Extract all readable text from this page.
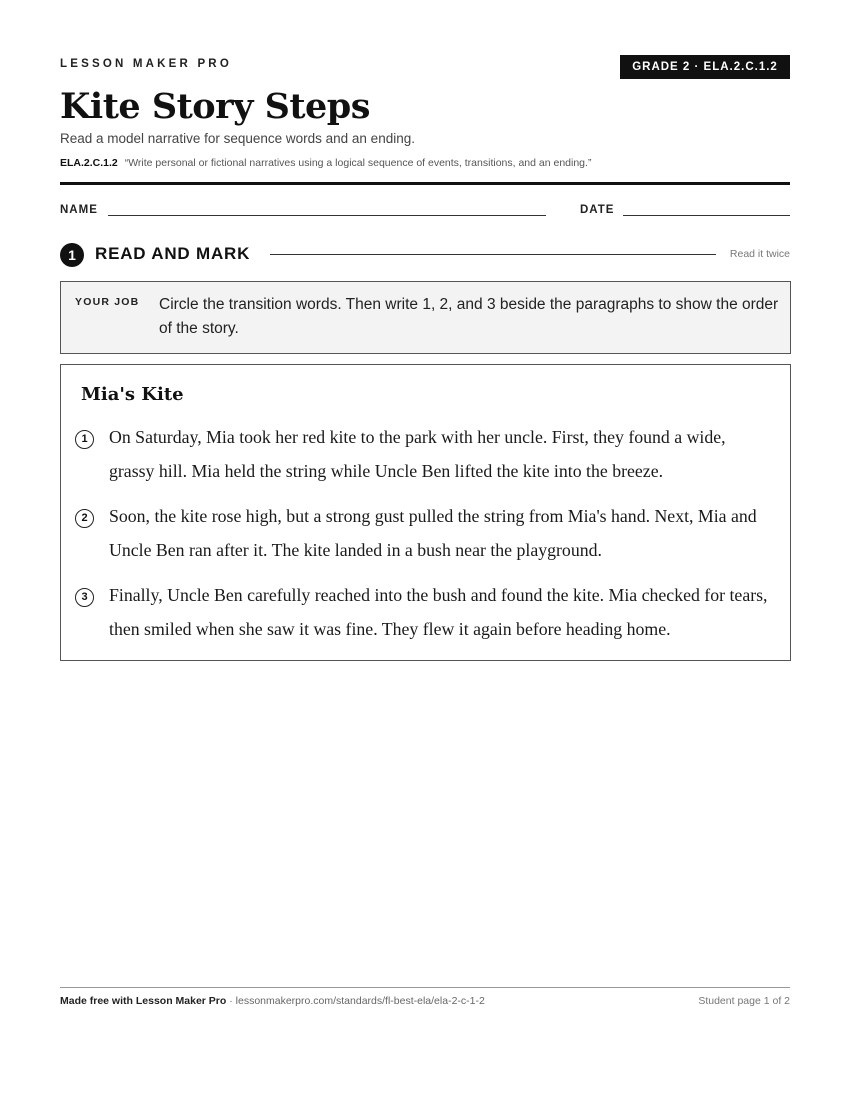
LESSON MAKER PRO	GRADE 2 · ELA.2.C.1.2
Kite Story Steps
Read a model narrative for sequence words and an ending.
ELA.2.C.1.2 “Write personal or fictional narratives using a logical sequence of events, transitions, and an ending.”
NAME	DATE
1	READ AND MARK	Read it twice
YOUR JOB Circle the transition words. Then write 1, 2, and 3 beside the paragraphs to show the order of the story.
Mia's Kite
1	On Saturday, Mia took her red kite to the park with her uncle. First, they found a wide, grassy hill. Mia held the string while Uncle Ben lifted the kite into the breeze.
2	Soon, the kite rose high, but a strong gust pulled the string from Mia's hand. Next, Mia and Uncle Ben ran after it. The kite landed in a bush near the playground.
3	Finally, Uncle Ben carefully reached into the bush and found the kite. Mia checked for tears, then smiled when she saw it was fine. They flew it again before heading home.
Made free with Lesson Maker Pro · lessonmakerpro.com/standards/fl-best-ela/ela-2-c-1-2	Student page 1 of 2
